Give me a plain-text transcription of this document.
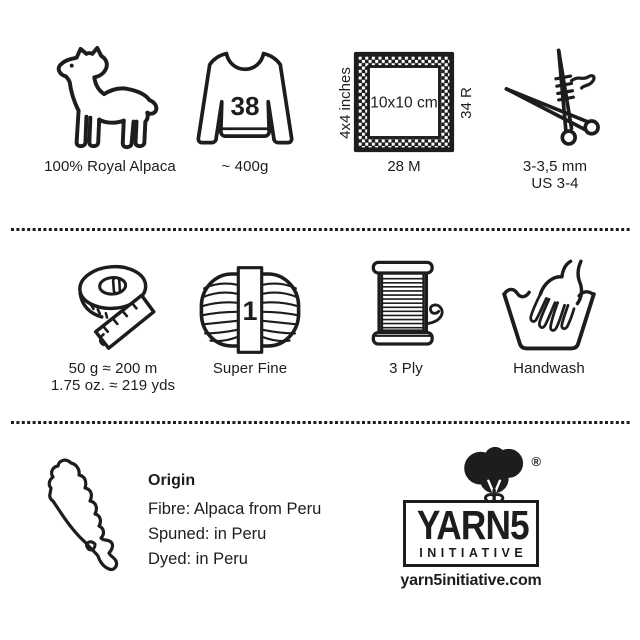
100% Royal Alpaca
38
~ 400g
10x10 cm
4x4 inches	34 R
28 M	3-3,5 mm
US 3-4
50 g ≈ 200 m
1.75 oz. ≈ 219 yds
1
Super Fine	3 Ply	Handwash
Origin
Fibre: Alpaca from Peru
Spuned: in Peru
Dyed: in Peru
®
YARN5
INITIATIVE
yarn5initiative.com
